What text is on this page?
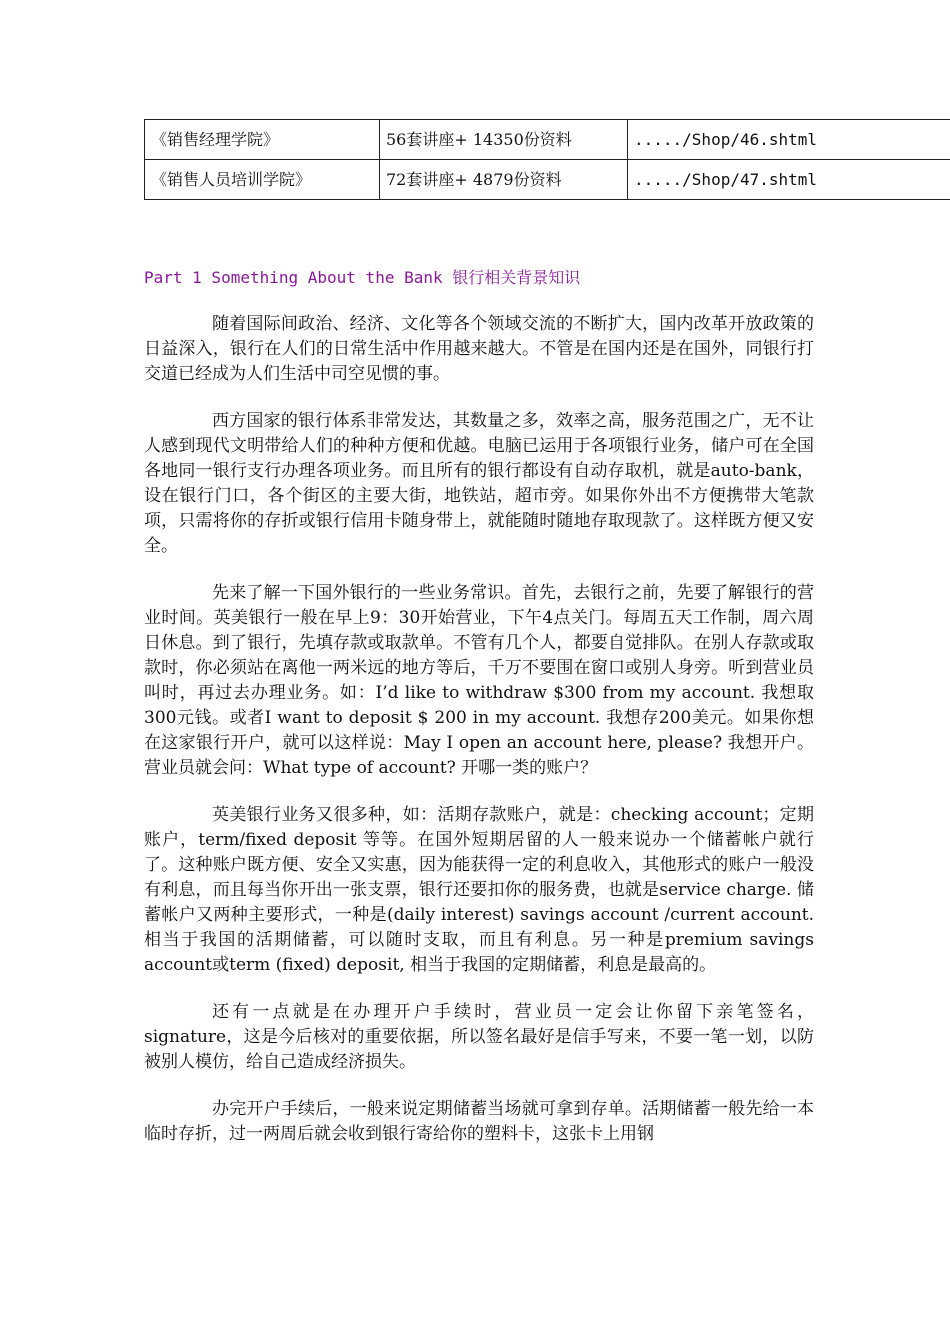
《销售经理学院》	56套讲座+ 14350份资料	...../Shop/46.shtml
《销售人员培训学院》	72套讲座+ 4879份资料	...../Shop/47.shtml
Part 1 Something About the Bank 银行相关背景知识

随着国际间政治、经济、文化等各个领域交流的不断扩大，国内改革开放政策的日益深入，银行在人们的日常生活中作用越来越大。不管是在国内还是在国外，同银行打交道已经成为人们生活中司空见惯的事。

西方国家的银行体系非常发达，其数量之多，效率之高，服务范围之广，无不让人感到现代文明带给人们的种种方便和优越。电脑已运用于各项银行业务，储户可在全国各地同一银行支行办理各项业务。而且所有的银行都设有自动存取机，就是auto-bank，设在银行门口，各个街区的主要大街，地铁站，超市旁。如果你外出不方便携带大笔款项，只需将你的存折或银行信用卡随身带上，就能随时随地存取现款了。这样既方便又安全。

先来了解一下国外银行的一些业务常识。首先，去银行之前，先要了解银行的营业时间。英美银行一般在早上9：30开始营业，下午4点关门。每周五天工作制，周六周日休息。到了银行，先填存款或取款单。不管有几个人，都要自觉排队。在别人存款或取款时，你必须站在离他一两米远的地方等后，千万不要围在窗口或别人身旁。听到营业员叫时，再过去办理业务。如：I’d like to withdraw $300 from my account. 我想取300元钱。或者I want to deposit $ 200 in my account. 我想存200美元。如果你想在这家银行开户，就可以这样说：May I open an account here, please? 我想开户。营业员就会问：What type of account? 开哪一类的账户？

英美银行业务又很多种，如：活期存款账户，就是：checking account；定期账户，term/fixed deposit 等等。在国外短期居留的人一般来说办一个储蓄帐户就行了。这种账户既方便、安全又实惠，因为能获得一定的利息收入，其他形式的账户一般没有利息，而且每当你开出一张支票，银行还要扣你的服务费，也就是service charge. 储蓄帐户又两种主要形式，一种是(daily interest) savings account /current account. 相当于我国的活期储蓄，可以随时支取，而且有利息。另一种是premium savings account或term (fixed) deposit, 相当于我国的定期储蓄，利息是最高的。

还有一点就是在办理开户手续时，营业员一定会让你留下亲笔签名，signature，这是今后核对的重要依据，所以签名最好是信手写来，不要一笔一划，以防被别人模仿，给自己造成经济损失。

办完开户手续后，一般来说定期储蓄当场就可拿到存单。活期储蓄一般先给一本临时存折，过一两周后就会收到银行寄给你的塑料卡，这张卡上用钢
